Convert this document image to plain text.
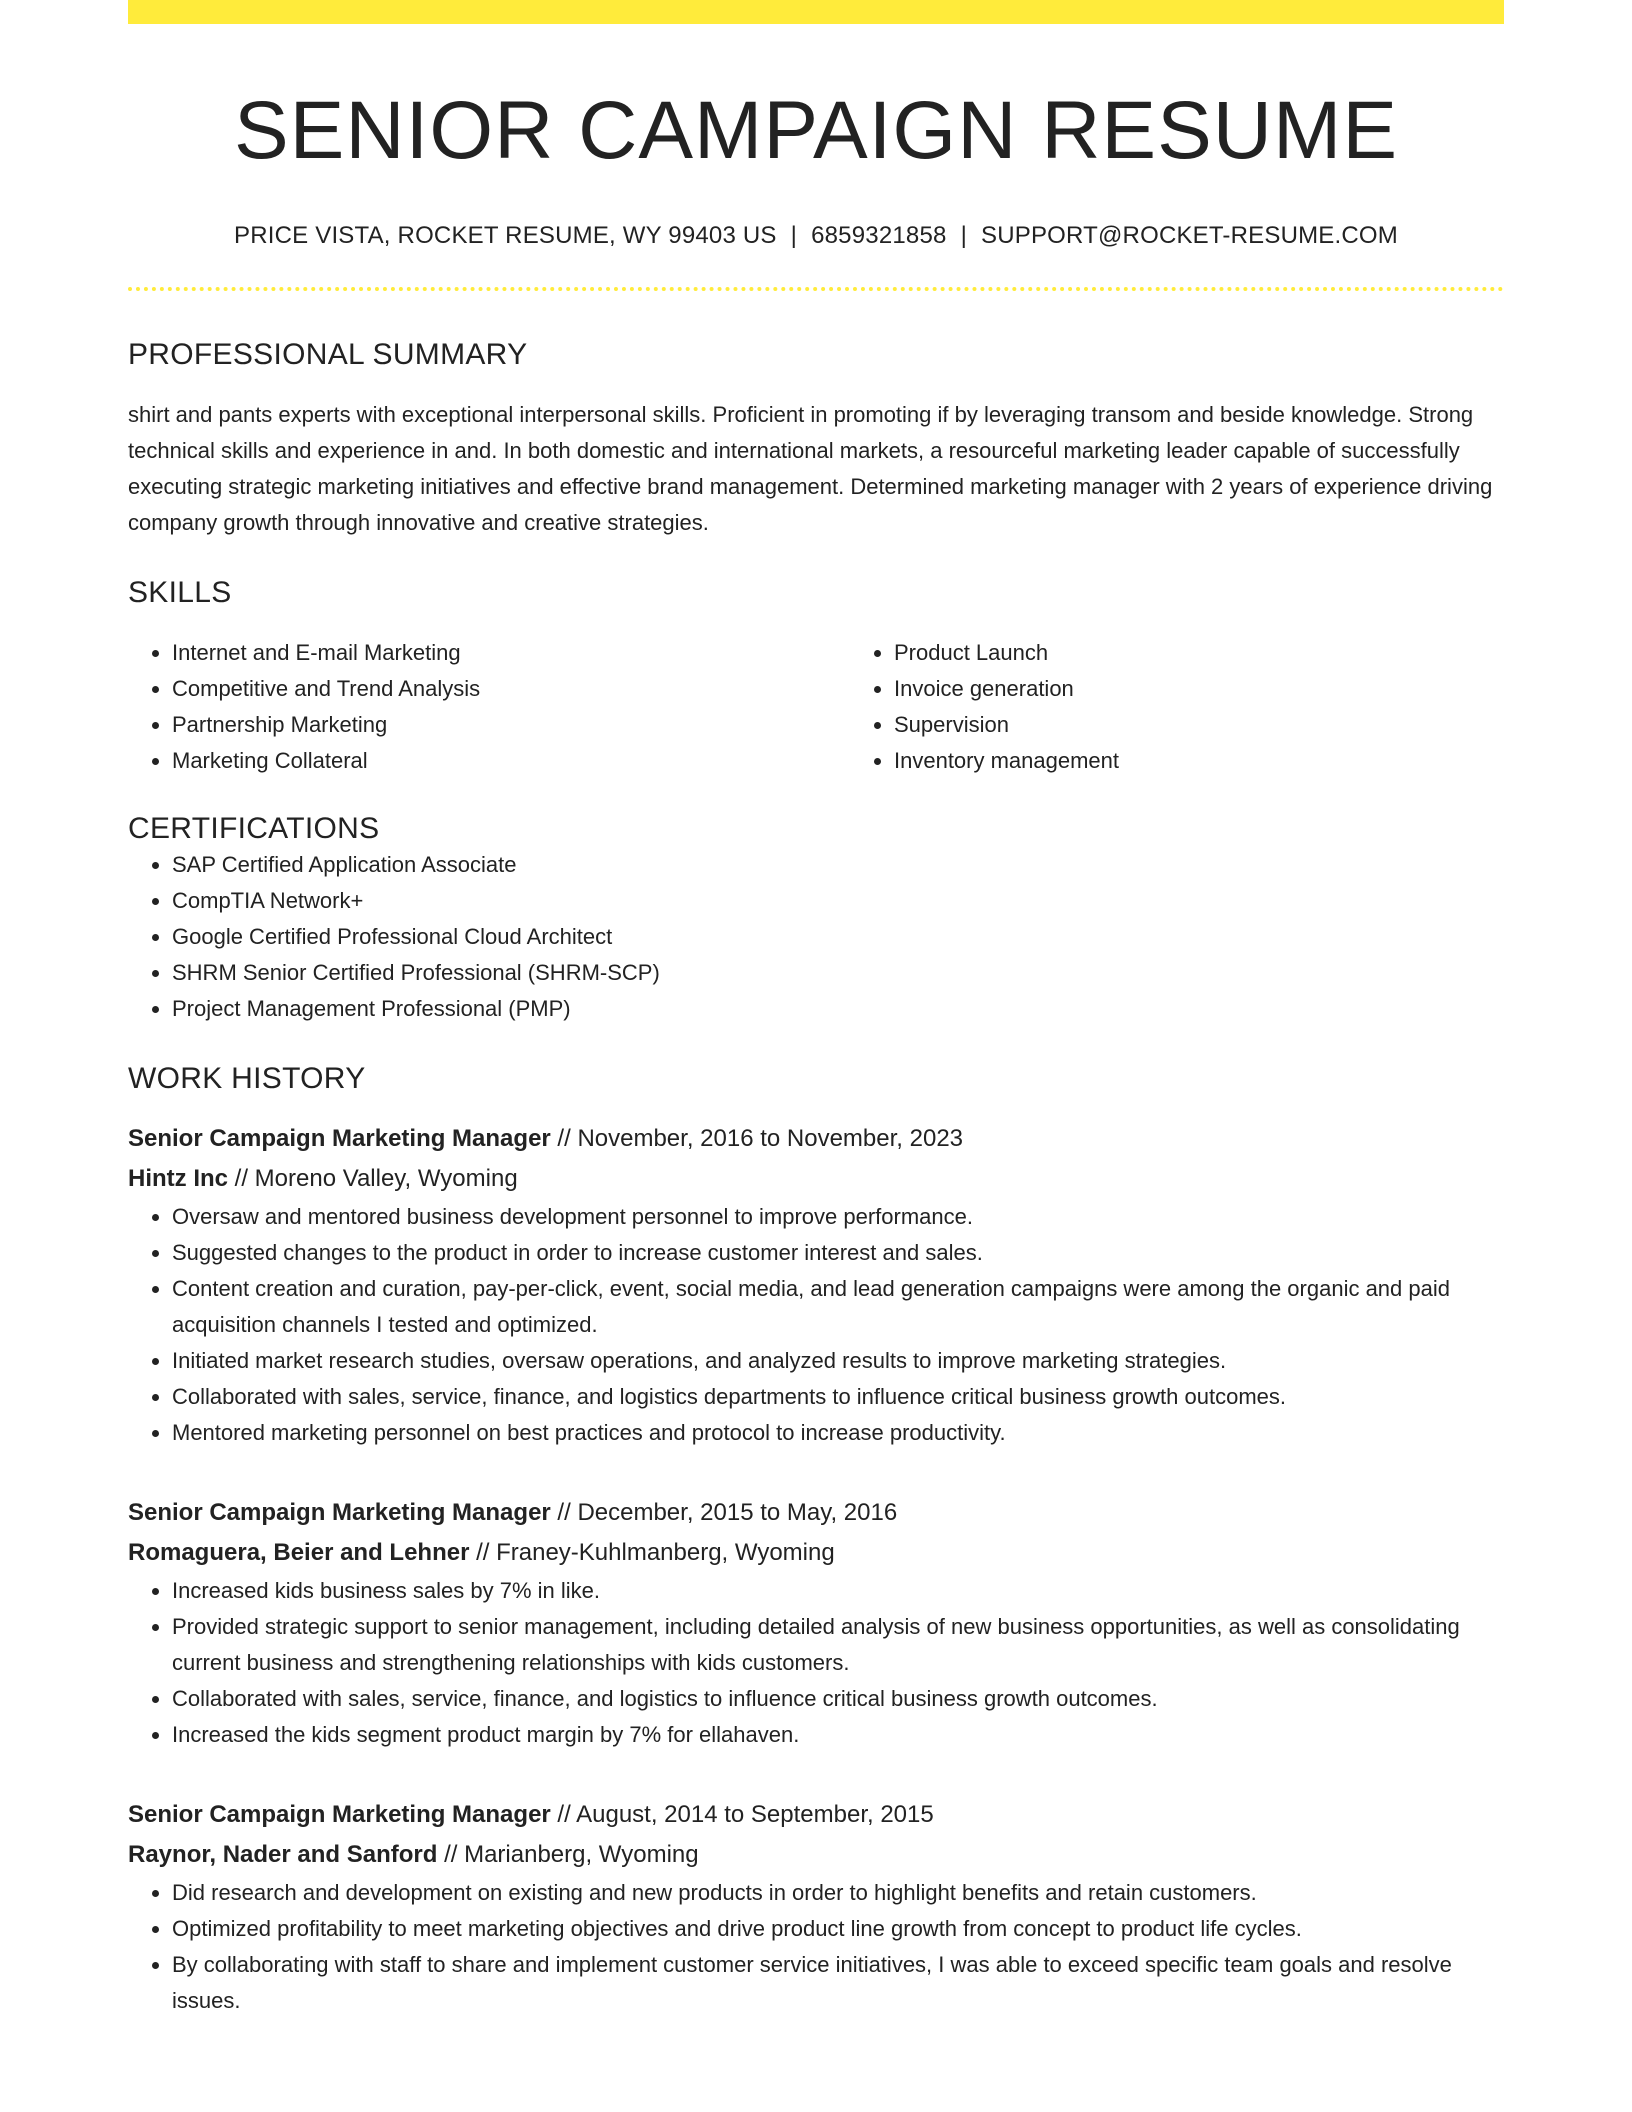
SENIOR CAMPAIGN RESUME
PRICE VISTA, ROCKET RESUME, WY 99403 US | 6859321858 | SUPPORT@ROCKET-RESUME.COM
PROFESSIONAL SUMMARY

shirt and pants experts with exceptional interpersonal skills. Proficient in promoting if by leveraging transom and beside knowledge. Strong technical skills and experience in and. In both domestic and international markets, a resourceful marketing leader capable of successfully executing strategic marketing initiatives and effective brand management. Determined marketing manager with 2 years of experience driving company growth through innovative and creative strategies.

SKILLS
• Internet and E-mail Marketing
• Competitive and Trend Analysis
• Partnership Marketing
• Marketing Collateral
• Product Launch
• Invoice generation
• Supervision
• Inventory management
CERTIFICATIONS
• SAP Certified Application Associate
• CompTIA Network+
• Google Certified Professional Cloud Architect
• SHRM Senior Certified Professional (SHRM-SCP)
• Project Management Professional (PMP)
WORK HISTORY
Senior Campaign Marketing Manager // November, 2016 to November, 2023
Hintz Inc // Moreno Valley, Wyoming
• Oversaw and mentored business development personnel to improve performance.
• Suggested changes to the product in order to increase customer interest and sales.
• Content creation and curation, pay-per-click, event, social media, and lead generation campaigns were among the organic and paid acquisition channels I tested and optimized.
• Initiated market research studies, oversaw operations, and analyzed results to improve marketing strategies.
• Collaborated with sales, service, finance, and logistics departments to influence critical business growth outcomes.
• Mentored marketing personnel on best practices and protocol to increase productivity.
Senior Campaign Marketing Manager // December, 2015 to May, 2016
Romaguera, Beier and Lehner // Franey-Kuhlmanberg, Wyoming
• Increased kids business sales by 7% in like.
• Provided strategic support to senior management, including detailed analysis of new business opportunities, as well as consolidating current business and strengthening relationships with kids customers.
• Collaborated with sales, service, finance, and logistics to influence critical business growth outcomes.
• Increased the kids segment product margin by 7% for ellahaven.
Senior Campaign Marketing Manager // August, 2014 to September, 2015
Raynor, Nader and Sanford // Marianberg, Wyoming
• Did research and development on existing and new products in order to highlight benefits and retain customers.
• Optimized profitability to meet marketing objectives and drive product line growth from concept to product life cycles.
• By collaborating with staff to share and implement customer service initiatives, I was able to exceed specific team goals and resolve issues.
